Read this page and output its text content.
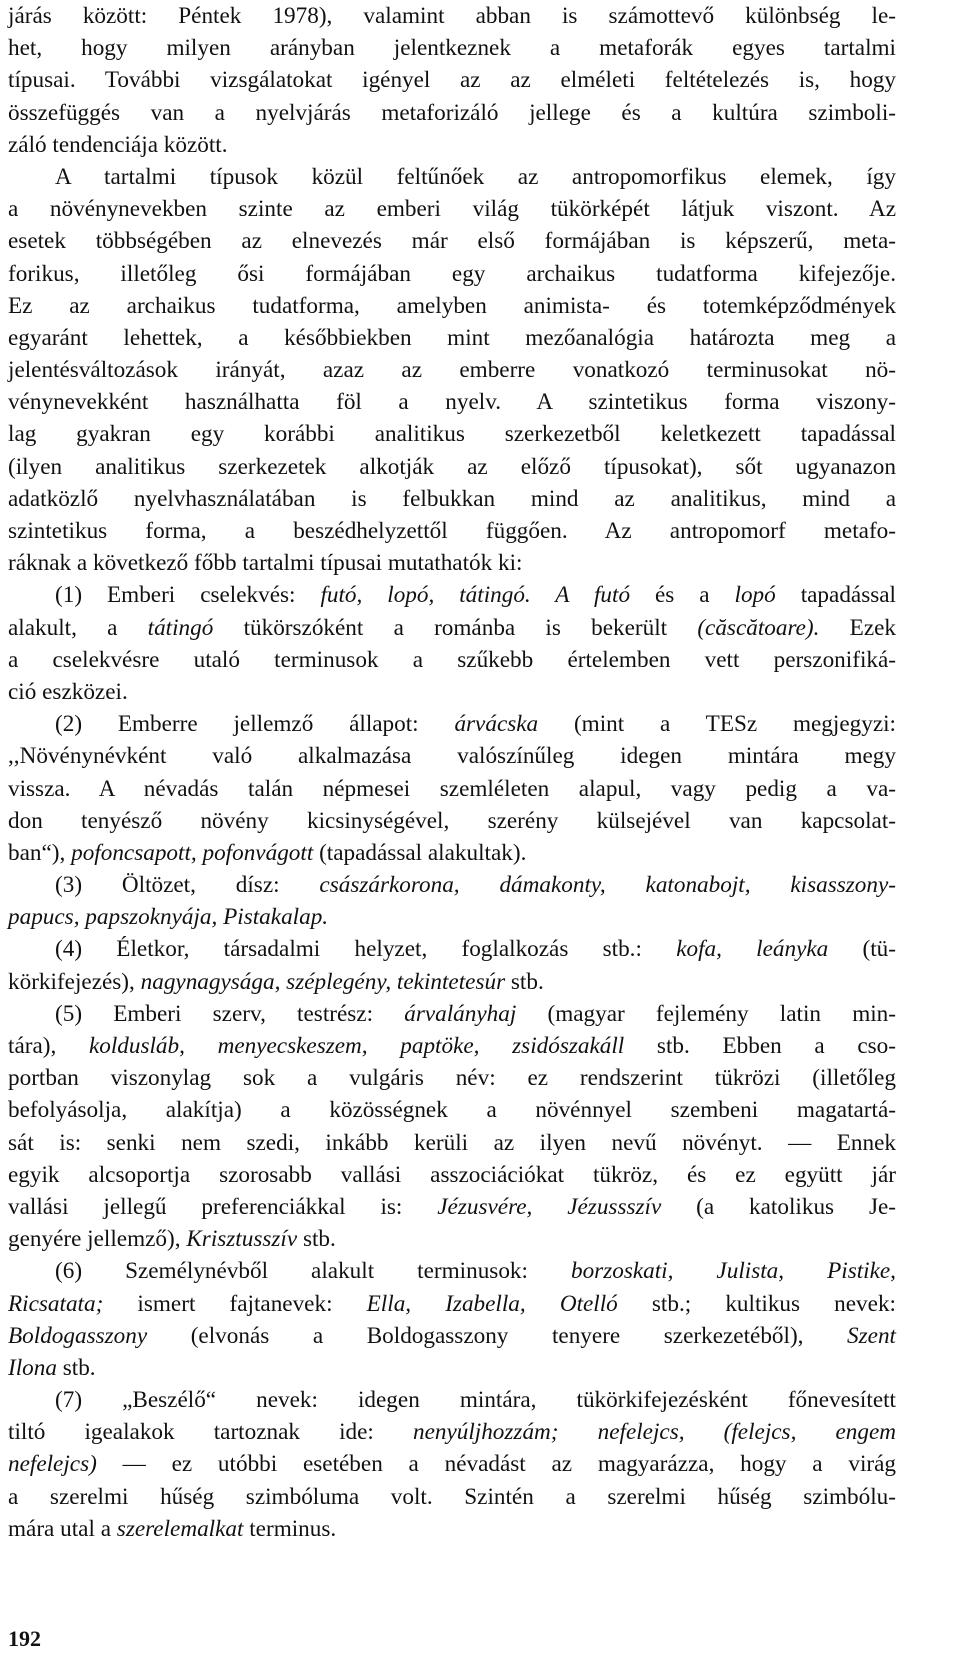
járás között: Péntek 1978), valamint abban is számottevő különbség le-
het, hogy milyen arányban jelentkeznek a metaforák egyes tartalmi
típusai. További vizsgálatokat igényel az az elméleti feltételezés is, hogy
összefüggés van a nyelvjárás metaforizáló jellege és a kultúra szimboli-
záló tendenciája között.
A tartalmi típusok közül feltűnőek az antropomorfikus elemek, így
a növénynevekben szinte az emberi világ tükörképét látjuk viszont. Az
esetek többségében az elnevezés már első formájában is képszerű, meta-
forikus, illetőleg ősi formájában egy archaikus tudatforma kifejezője.
Ez az archaikus tudatforma, amelyben animista- és totemképződmények
egyaránt lehettek, a későbbiekben mint mezőanalógia határozta meg a
jelentésváltozások irányát, azaz az emberre vonatkozó terminusokat nö-
vénynevekként használhatta föl a nyelv. A szintetikus forma viszony-
lag gyakran egy korábbi analitikus szerkezetből keletkezett tapadással
(ilyen analitikus szerkezetek alkotják az előző típusokat), sőt ugyanazon
adatközlő nyelvhasználatában is felbukkan mind az analitikus, mind a
szintetikus forma, a beszédhelyzettől függően. Az antropomorf metafo-
ráknak a következő főbb tartalmi típusai mutathatók ki:
(1) Emberi cselekvés: futó, lopó, tátingó. A futó és a lopó tapadással
alakult, a tátingó tükörszóként a románba is bekerült (căscătoare). Ezek
a cselekvésre utaló terminusok a szűkebb értelemben vett perszonifiká-
ció eszközei.
(2) Emberre jellemző állapot: árvácska (mint a TESz megjegyzi:
,,Növénynévként való alkalmazása valószínűleg idegen mintára megy
vissza. A névadás talán népmesei szemléleten alapul, vagy pedig a va-
don tenyésző növény kicsinységével, szerény külsejével van kapcsolat-
ban“), pofoncsapott, pofonvágott (tapadással alakultak).
(3) Öltözet, dísz: császárkorona, dámakonty, katonabojt, kisasszony-
papucs, papszoknyája, Pistakalap.
(4) Életkor, társadalmi helyzet, foglalkozás stb.: kofa, leányka (tü-
körkifejezés), nagynagysága, széplegény, tekintetesúr stb.
(5) Emberi szerv, testrész: árvalányhaj (magyar fejlemény latin min-
tára), koldusláb, menyecskeszem, paptöke, zsidószakáll stb. Ebben a cso-
portban viszonylag sok a vulgáris név: ez rendszerint tükrözi (illetőleg
befolyásolja, alakítja) a közösségnek a növénnyel szembeni magatartá-
sát is: senki nem szedi, inkább kerüli az ilyen nevű növényt. — Ennek
egyik alcsoportja szorosabb vallási asszociációkat tükröz, és ez együtt jár
vallási jellegű preferenciákkal is: Jézusvére, Jézussszív (a katolikus Je-
genyére jellemző), Krisztusszív stb.
(6) Személynévből alakult terminusok: borzoskati, Julista, Pistike,
Ricsatata; ismert fajtanevek: Ella, Izabella, Otelló stb.; kultikus nevek:
Boldogasszony (elvonás a Boldogasszony tenyere szerkezetéből), Szent
Ilona stb.
(7) „Beszélő“ nevek: idegen mintára, tükörkifejezésként főnevesített
tiltó igealakok tartoznak ide: nenyúljhozzám; nefelejcs, (felejcs, engem
nefelejcs) — ez utóbbi esetében a névadást az magyarázza, hogy a virág
a szerelmi hűség szimbóluma volt. Szintén a szerelmi hűség szimbólu-
mára utal a szerelemalkat terminus.
192
